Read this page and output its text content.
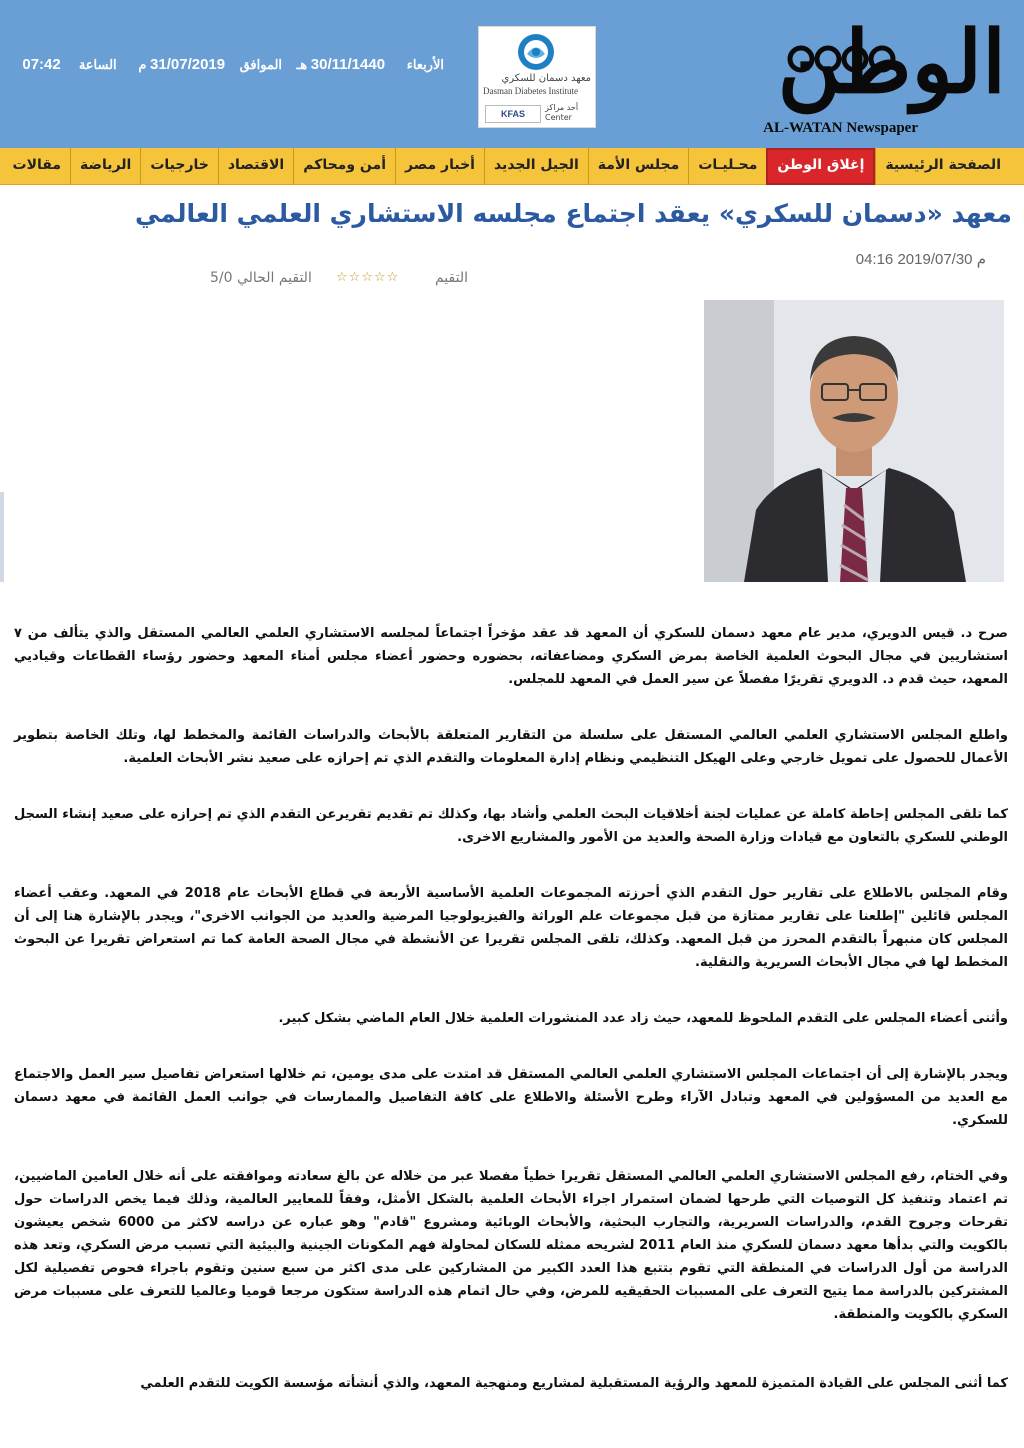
الوطن
AL-WATAN Newspaper
معهد دسمان للسكري
Dasman Diabetes Institute
KFAS
أحد مراكز Center
الأربعاء      30/11/1440 هـ    الموافق    31/07/2019 م      الساعة     07:42
الصفحة الرئيسية
إغلاق الوطن
محـليـات
مجلس الأمة
الجيل الجديد
أخبار مصر
أمن ومحاكم
الاقتصاد
خارجيات
الرياضة
مقالات
معهد «دسمان للسكري» يعقد اجتماع مجلسه الاستشاري العلمي العالمي
04:16 م 2019/07/30
التقيم
☆☆☆☆☆
التقيم الحالي 5/0

صرح د. قيس الدويري، مدير عام معهد دسمان للسكري أن المعهد قد عقد مؤخراً اجتماعاً لمجلسه الاستشاري العلمي العالمي المستقل والذي يتألف من ٧ استشاريين في مجال البحوث العلمية الخاصة بمرض السكري ومضاعفاته، بحضوره وحضور أعضاء مجلس أمناء المعهد وحضور رؤساء القطاعات وقياديي المعهد، حيث قدم د. الدويري تقريرًا مفصلاً عن سير العمل في المعهد للمجلس.

واطلع المجلس الاستشاري العلمي العالمي المستقل على سلسلة من التقارير المتعلقة بالأبحاث والدراسات القائمة والمخطط لها، وتلك الخاصة بتطوير الأعمال للحصول على تمويل خارجي وعلى الهيكل التنظيمي ونظام إدارة المعلومات والتقدم الذي تم إحرازه على صعيد نشر الأبحاث العلمية.

كما تلقى المجلس إحاطة كاملة عن عمليات لجنة أخلاقيات البحث العلمي وأشاد بها، وكذلك تم تقديم تقريرعن التقدم الذي تم إحرازه على صعيد إنشاء السجل الوطني للسكري بالتعاون مع قيادات وزارة الصحة والعديد من الأمور والمشاريع الاخرى.

وقام المجلس بالاطلاع على تقارير حول التقدم الذي أحرزته المجموعات العلمية الأساسية الأربعة في قطاع الأبحاث عام 2018 في المعهد. وعقب أعضاء المجلس قائلين "إطلعنا على تقارير ممتازة من قبل مجموعات علم الوراثة والفيزيولوجيا المرضية والعديد من الجوانب الاخرى"، ويجدر بالإشارة هنا إلى أن المجلس كان منبهراً بالتقدم المحرز من قبل المعهد. وكذلك، تلقى المجلس تقريرا عن الأنشطة في مجال الصحة العامة كما تم استعراض تقريرا عن البحوث المخطط لها في مجال الأبحاث السريرية والنقلية.

وأثنى أعضاء المجلس على التقدم الملحوظ للمعهد، حيث زاد عدد المنشورات العلمية خلال العام الماضي بشكل كبير.

ويجدر بالإشارة إلى أن اجتماعات المجلس الاستشاري العلمي العالمي المستقل قد امتدت على مدى يومين، تم خلالها استعراض تفاصيل سير العمل والاجتماع مع العديد من المسؤولين في المعهد وتبادل الآراء وطرح الأسئلة والاطلاع على كافة التفاصيل والممارسات في جوانب العمل القائمة في معهد دسمان للسكري.

وفي الختام، رفع المجلس الاستشاري العلمي العالمي المستقل تقريرا خطياً مفصلا عبر من خلاله عن بالغ سعادته وموافقته على أنه خلال العامين الماضيين، تم اعتماد وتنفيذ كل التوصيات التي طرحها لضمان استمرار اجراء الأبحاث العلمية بالشكل الأمثل، وفقاً للمعايير العالمية، وذلك فيما يخص الدراسات حول تقرحات وجروح القدم، والدراسات السريرية، والتجارب البحثية، والأبحاث الوبائية ومشروع "قادم" وهو عباره عن دراسه لاكثر من 6000 شخص يعيشون بالكويت والتي بدأها معهد دسمان للسكري منذ العام 2011 لشريحه ممثله للسكان لمحاولة فهم المكونات الجينية والبيئية التي تسبب مرض السكري، وتعد هذه الدراسة من أول الدراسات في المنطقة التي تقوم بتتبع هذا العدد الكبير من المشاركين على مدى اكثر من سبع سنين وتقوم باجراء فحوص تفصيلية لكل المشتركين بالدراسة مما يتيح التعرف على المسببات الحقيقيه للمرض، وفي حال اتمام هذه الدراسة ستكون مرجعا قوميا وعالميا للتعرف على مسببات مرض السكري بالكويت والمنطقة.

كما أثنى المجلس على القيادة المتميزة للمعهد والرؤية المستقبلية لمشاريع ومنهجية المعهد، والذي أنشأته مؤسسة الكويت للتقدم العلمي
